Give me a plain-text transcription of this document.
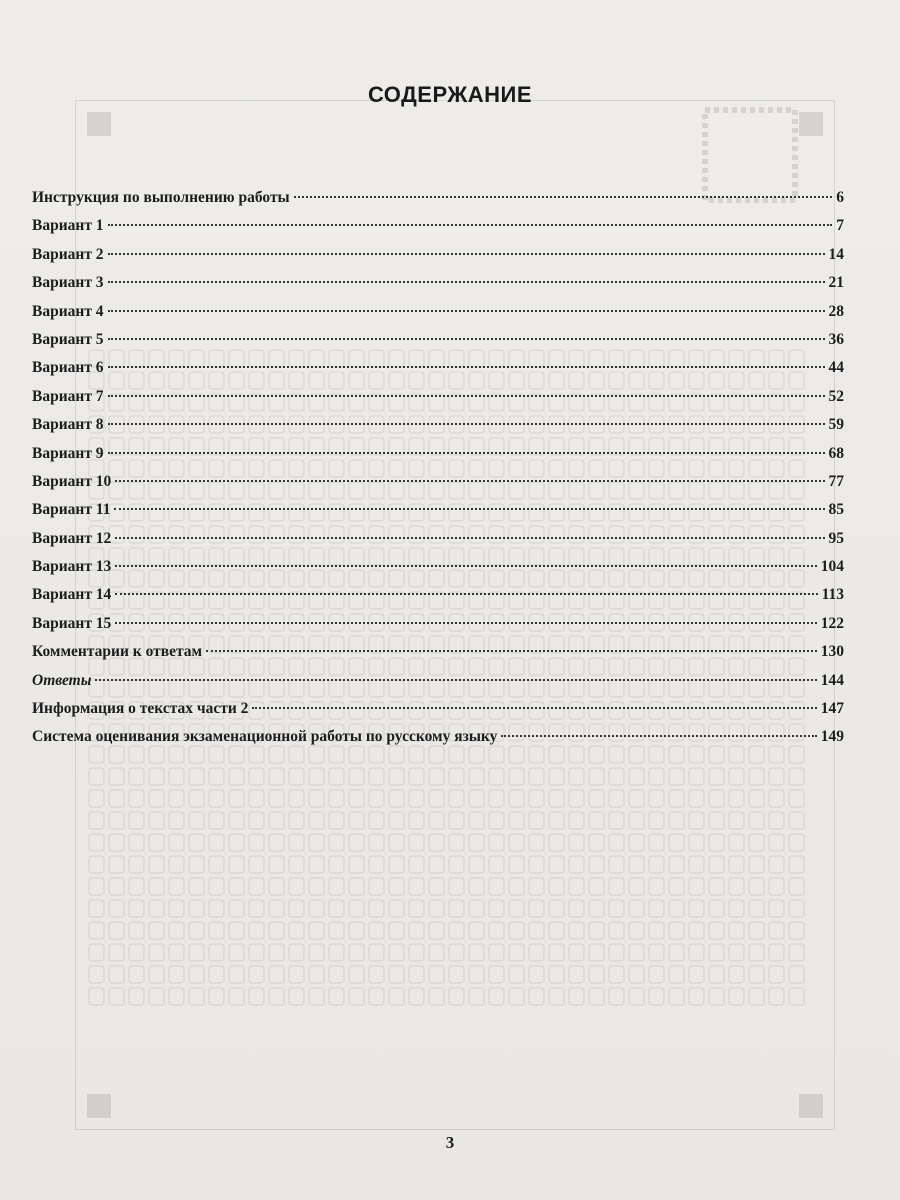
СОДЕРЖАНИЕ
Инструкция по выполнению работы	6
Вариант 1	7
Вариант 2	14
Вариант 3	21
Вариант 4	28
Вариант 5	36
Вариант 6	44
Вариант 7	52
Вариант 8	59
Вариант 9	68
Вариант 10	77
Вариант 11	85
Вариант 12	95
Вариант 13	104
Вариант 14	113
Вариант 15	122
Комментарии к ответам	130
Ответы	144
Информация о текстах части 2	147
Система оценивания экзаменационной работы по русскому языку	149
3
